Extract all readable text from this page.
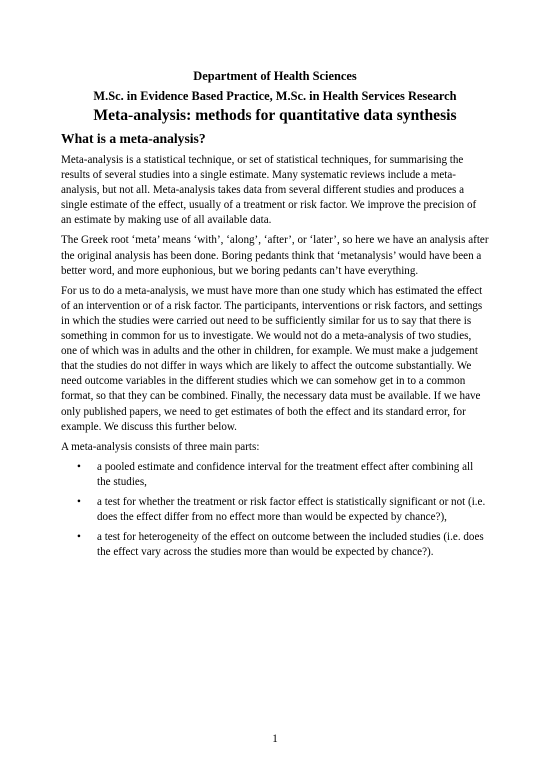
Department of Health Sciences
M.Sc. in Evidence Based Practice, M.Sc. in Health Services Research
Meta-analysis: methods for quantitative data synthesis
What is a meta-analysis?

Meta-analysis is a statistical technique, or set of statistical techniques, for summarising the results of several studies into a single estimate. Many systematic reviews include a meta-analysis, but not all. Meta-analysis takes data from several different studies and produces a single estimate of the effect, usually of a treatment or risk factor. We improve the precision of an estimate by making use of all available data.

The Greek root ‘meta’ means ‘with’, ‘along’, ‘after’, or ‘later’, so here we have an analysis after the original analysis has been done. Boring pedants think that ‘metanalysis’ would have been a better word, and more euphonious, but we boring pedants can’t have everything.

For us to do a meta-analysis, we must have more than one study which has estimated the effect of an intervention or of a risk factor. The participants, interventions or risk factors, and settings in which the studies were carried out need to be sufficiently similar for us to say that there is something in common for us to investigate. We would not do a meta-analysis of two studies, one of which was in adults and the other in children, for example. We must make a judgement that the studies do not differ in ways which are likely to affect the outcome substantially. We need outcome variables in the different studies which we can somehow get in to a common format, so that they can be combined. Finally, the necessary data must be available. If we have only published papers, we need to get estimates of both the effect and its standard error, for example. We discuss this further below.

A meta-analysis consists of three main parts:

•	a pooled estimate and confidence interval for the treatment effect after combining all the studies,
•	a test for whether the treatment or risk factor effect is statistically significant or not (i.e. does the effect differ from no effect more than would be expected by chance?),
•	a test for heterogeneity of the effect on outcome between the included studies (i.e. does the effect vary across the studies more than would be expected by chance?).
1
